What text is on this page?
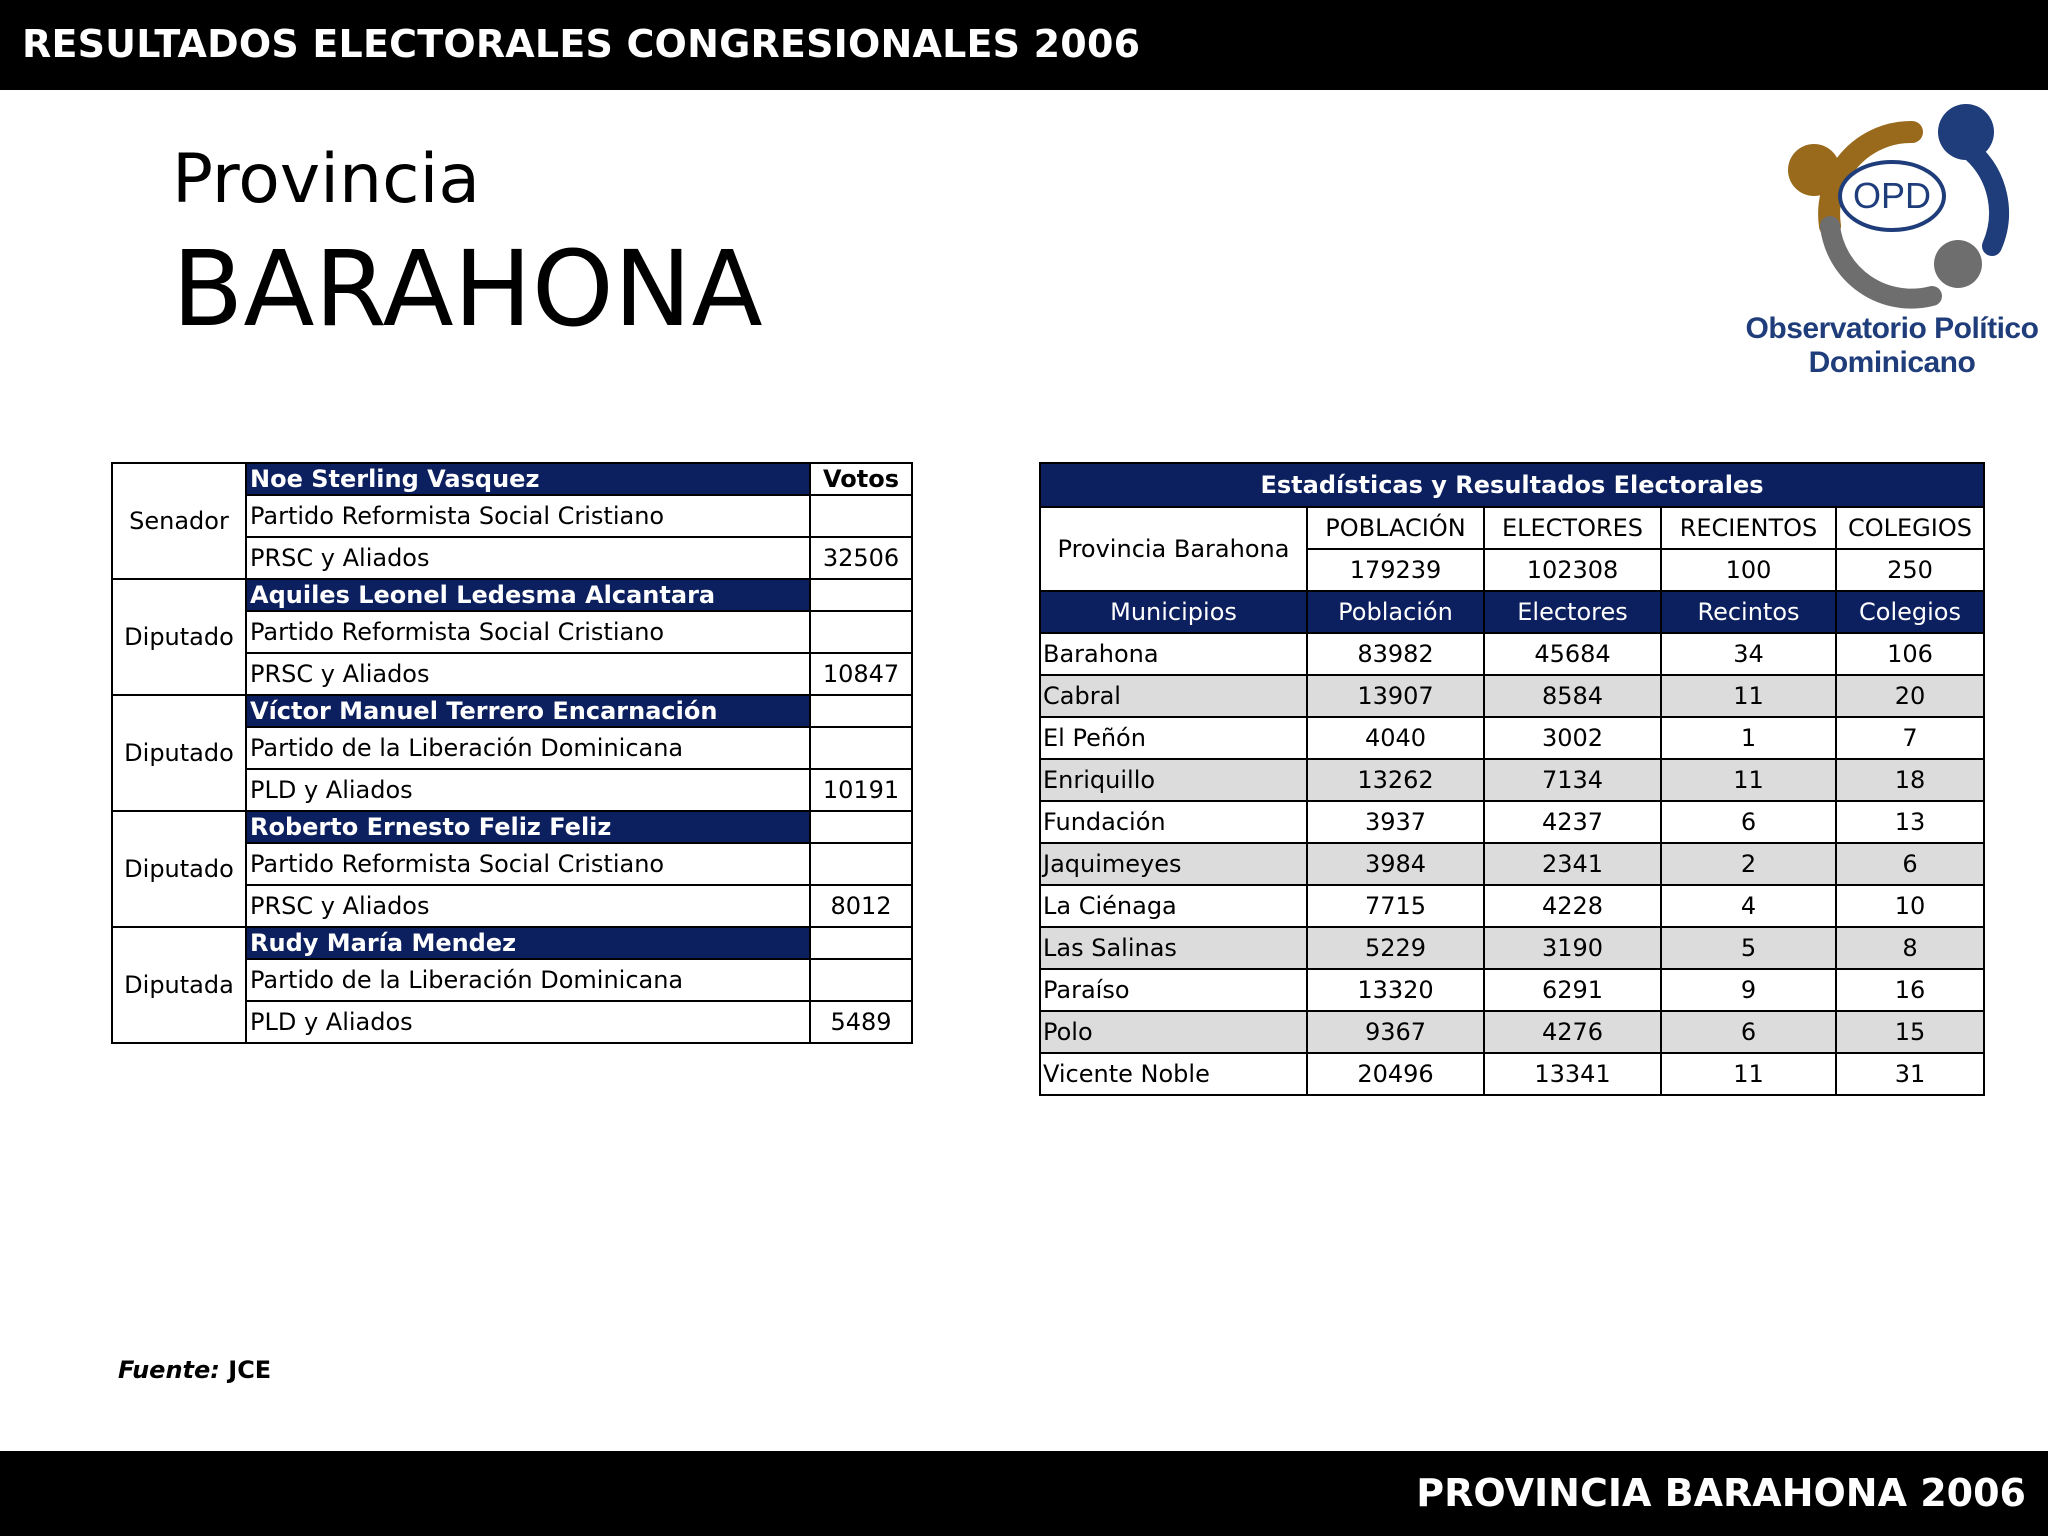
RESULTADOS ELECTORALES CONGRESIONALES 2006
Provincia
BARAHONA
OPD
Observatorio Político
Dominicano
Senador	Noe Sterling Vasquez	Votos
	Partido Reformista Social Cristiano	
	PRSC y Aliados	32506
Diputado	Aquiles Leonel Ledesma Alcantara	
	Partido Reformista Social Cristiano	
	PRSC y Aliados	10847
Diputado	Víctor Manuel Terrero Encarnación	
	Partido de la Liberación Dominicana	
	PLD y Aliados	10191
Diputado	Roberto Ernesto Feliz Feliz	
	Partido Reformista Social Cristiano	
	PRSC y Aliados	8012
Diputada	Rudy María Mendez	
	Partido de la Liberación Dominicana	
	PLD y Aliados	5489
Estadísticas y Resultados Electorales				
Provincia Barahona	POBLACIÓN	ELECTORES	RECIENTOS	COLEGIOS
	179239	102308	100	250
Municipios	Población	Electores	Recintos	Colegios
Barahona	83982	45684	34	106
Cabral	13907	8584	11	20
El Peñón	4040	3002	1	7
Enriquillo	13262	7134	11	18
Fundación	3937	4237	6	13
Jaquimeyes	3984	2341	2	6
La Ciénaga	7715	4228	4	10
Las Salinas	5229	3190	5	8
Paraíso	13320	6291	9	16
Polo	9367	4276	6	15
Vicente Noble	20496	13341	11	31
Fuente: JCE
PROVINCIA BARAHONA 2006
